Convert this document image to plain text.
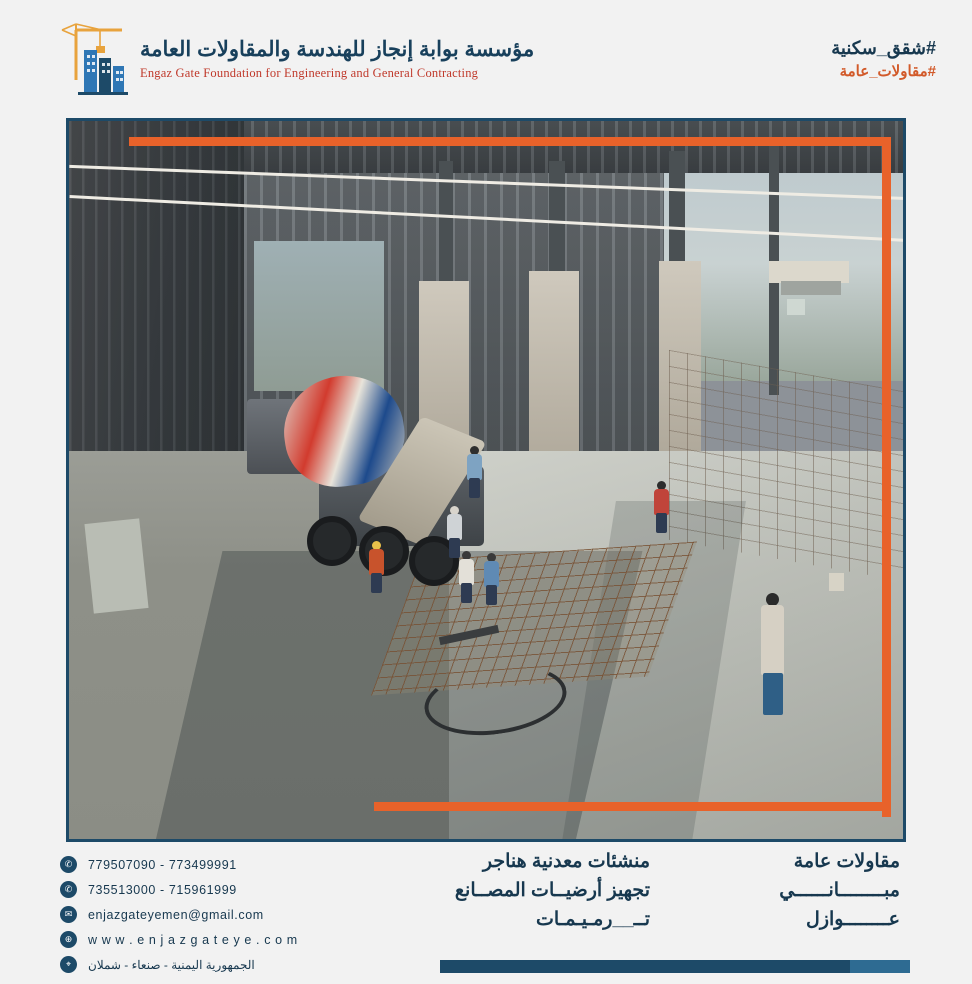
مؤسسة بوابة إنجاز للهندسة والمقاولات العامة
Engaz Gate Foundation for Engineering and General Contracting
#شقق_سكنية
#مقاولات_عامة
✆	779507090 - 773499991
✆	735513000 - 715961999
✉	enjazgateyemen@gmail.com
⊕	w w w . e n j a z g a t e y e . c o m
⌖	الجمهورية اليمنية - صنعاء - شملان
مقاولات عامة
منشئات معدنية هناجر
مبــــــــانــــــي
تجهيز أرضيــات المصــانع
عــــــــوازل
تــ__رمـيـمـات
